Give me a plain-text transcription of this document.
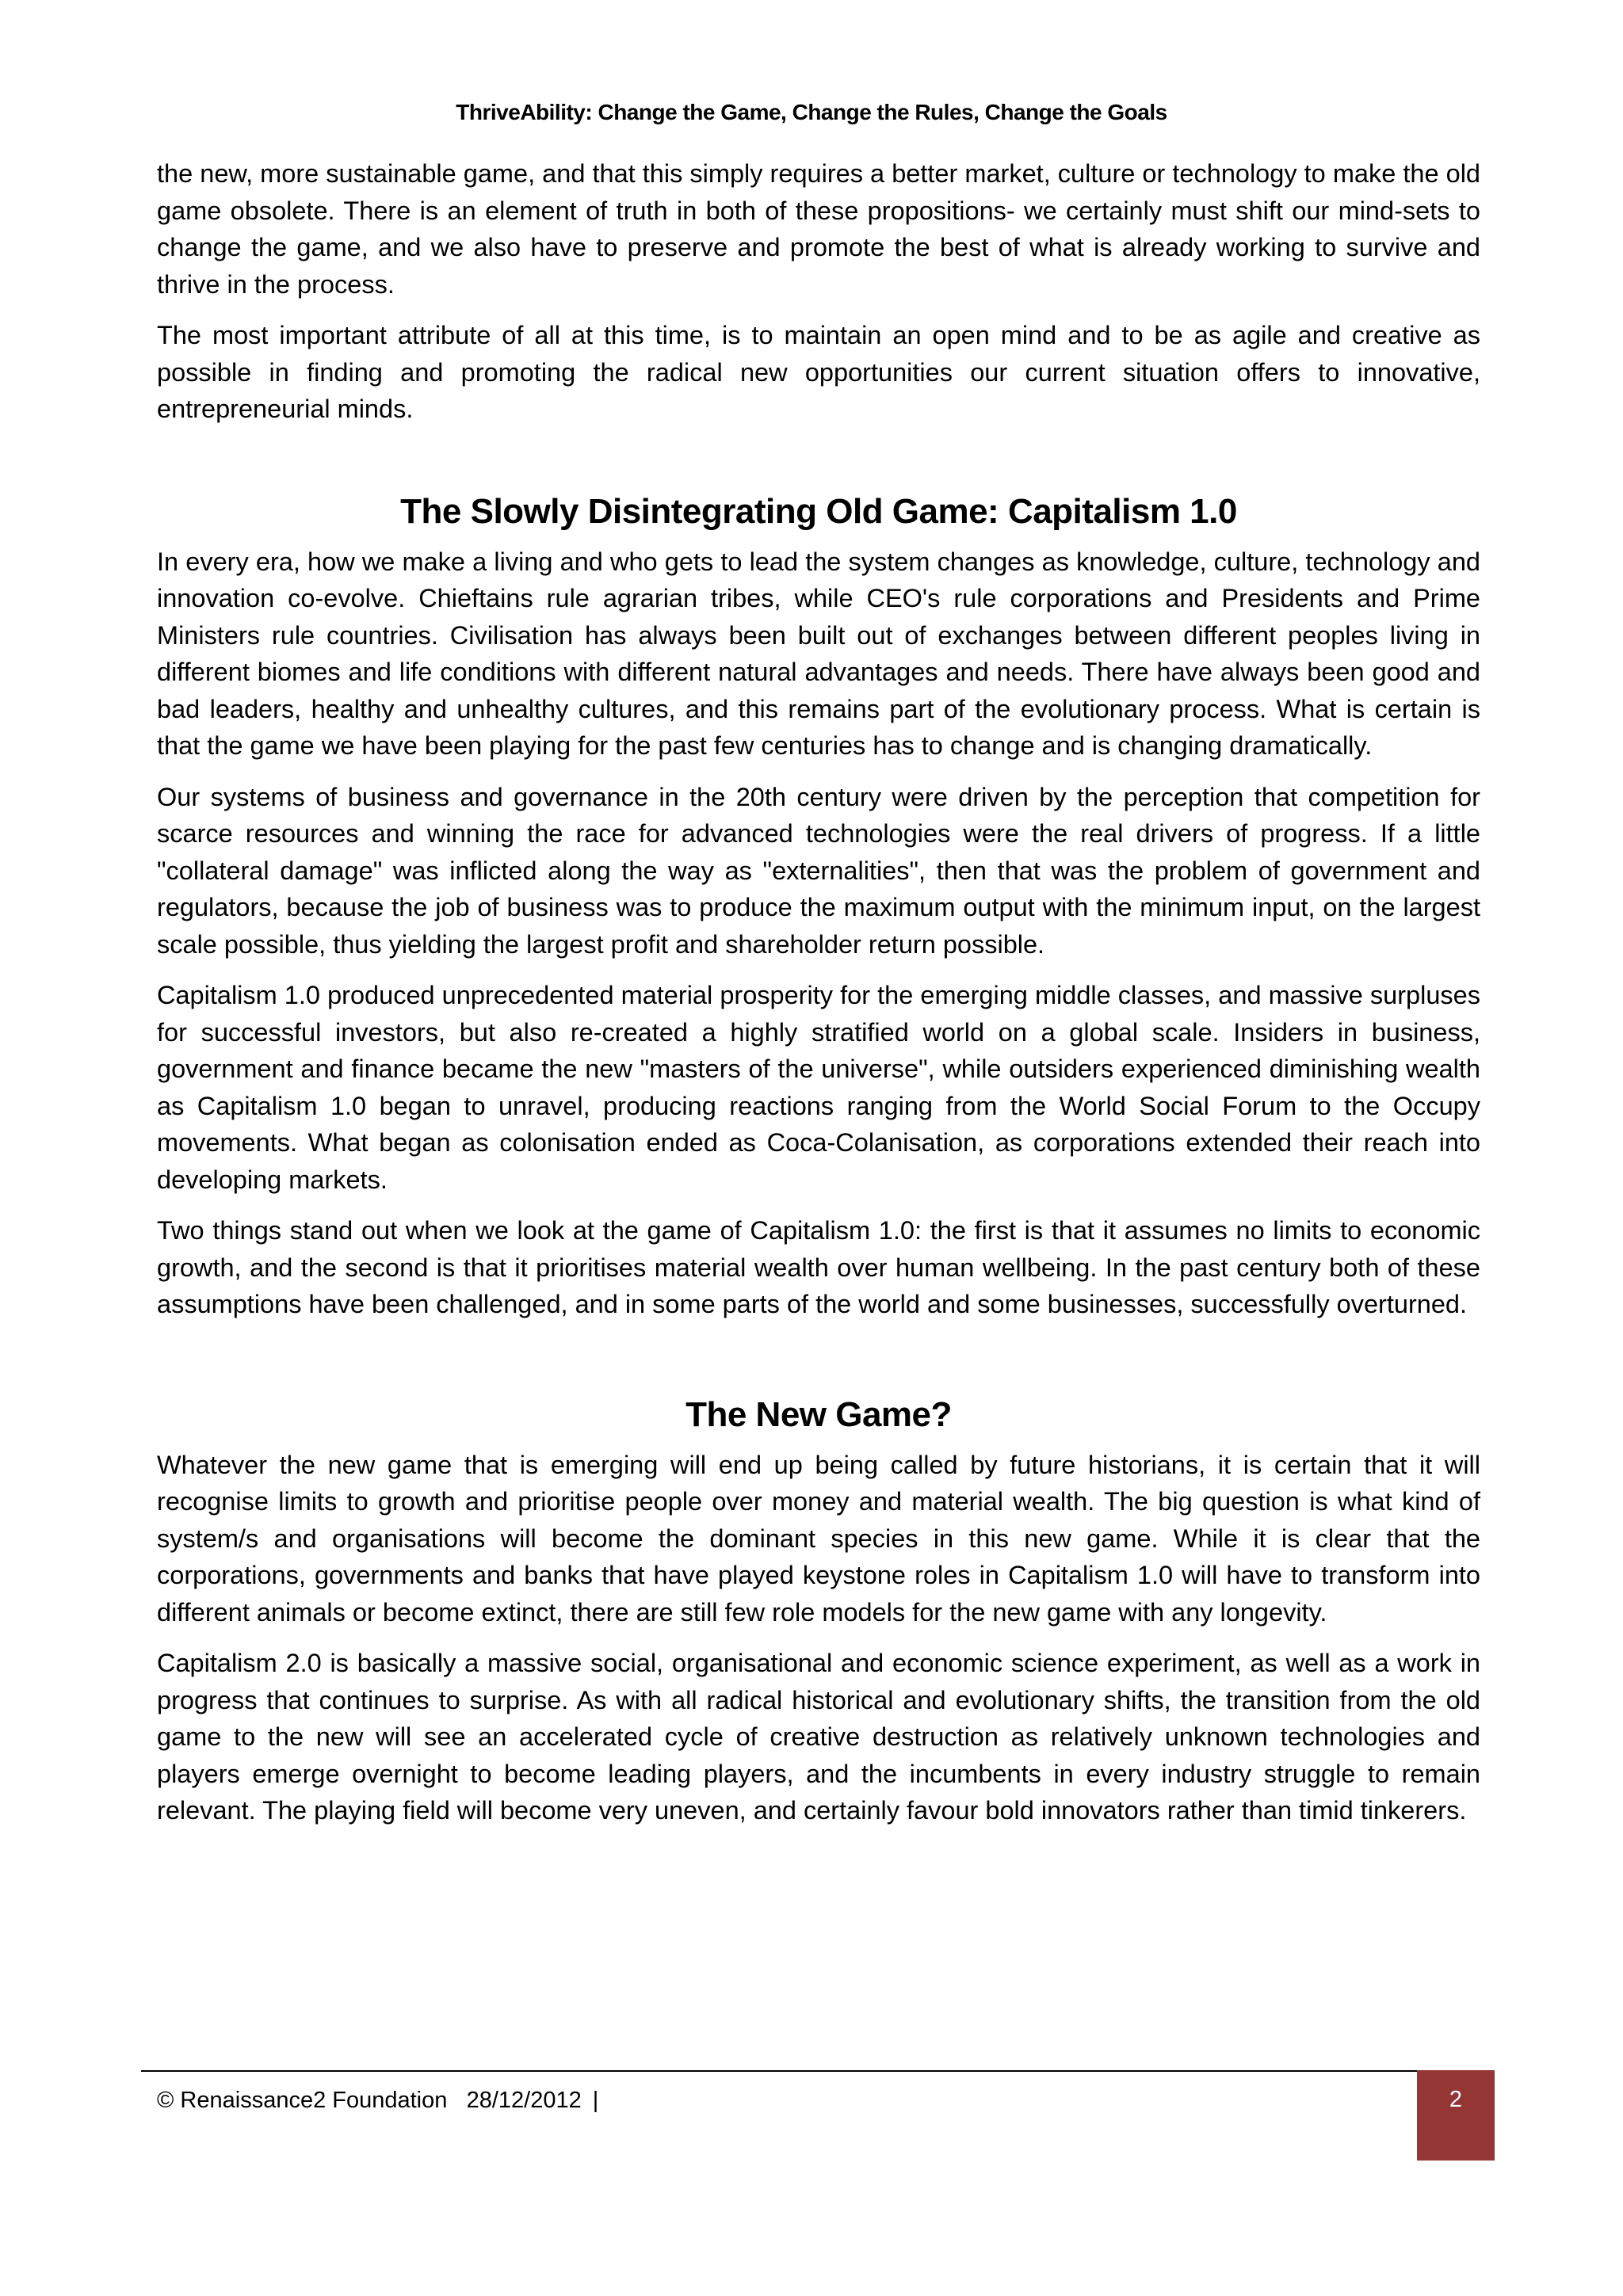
ThriveAbility: Change the Game, Change the Rules, Change the Goals

the new, more sustainable game, and that this simply requires a better market, culture or technology to make the old game obsolete. There is an element of truth in both of these propositions- we certainly must shift our mind-sets to change the game, and we also have to preserve and promote the best of what is already working to survive and thrive in the process.

The most important attribute of all at this time, is to maintain an open mind and to be as agile and creative as possible in finding and promoting the radical new opportunities our current situation offers to innovative, entrepreneurial minds.

The Slowly Disintegrating Old Game: Capitalism 1.0

In every era, how we make a living and who gets to lead the system changes as knowledge, culture, technology and innovation co-evolve. Chieftains rule agrarian tribes, while CEO's rule corporations and Presidents and Prime Ministers rule countries. Civilisation has always been built out of exchanges between different peoples living in different biomes and life conditions with different natural advantages and needs. There have always been good and bad leaders, healthy and unhealthy cultures, and this remains part of the evolutionary process. What is certain is that the game we have been playing for the past few centuries has to change and is changing dramatically.

Our systems of business and governance in the 20th century were driven by the perception that competition for scarce resources and winning the race for advanced technologies were the real drivers of progress. If a little "collateral damage" was inflicted along the way as "externalities", then that was the problem of government and regulators, because the job of business was to produce the maximum output with the minimum input, on the largest scale possible, thus yielding the largest profit and shareholder return possible.

Capitalism 1.0 produced unprecedented material prosperity for the emerging middle classes, and massive surpluses for successful investors, but also re-created a highly stratified world on a global scale. Insiders in business, government and finance became the new "masters of the universe", while outsiders experienced diminishing wealth as Capitalism 1.0 began to unravel, producing reactions ranging from the World Social Forum to the Occupy movements. What began as colonisation ended as Coca-Colanisation, as corporations extended their reach into developing markets.

Two things stand out when we look at the game of Capitalism 1.0: the first is that it assumes no limits to economic growth, and the second is that it prioritises material wealth over human wellbeing. In the past century both of these assumptions have been challenged, and in some parts of the world and some businesses, successfully overturned.

The New Game?

Whatever the new game that is emerging will end up being called by future historians, it is certain that it will recognise limits to growth and prioritise people over money and material wealth. The big question is what kind of system/s and organisations will become the dominant species in this new game. While it is clear that the corporations, governments and banks that have played keystone roles in Capitalism 1.0 will have to transform into different animals or become extinct, there are still few role models for the new game with any longevity.

Capitalism 2.0 is basically a massive social, organisational and economic science experiment, as well as a work in progress that continues to surprise. As with all radical historical and evolutionary shifts, the transition from the old game to the new will see an accelerated cycle of creative destruction as relatively unknown technologies and players emerge overnight to become leading players, and the incumbents in every industry struggle to remain relevant. The playing field will become very uneven, and certainly favour bold innovators rather than timid tinkerers.

© Renaissance2 Foundation 28/12/2012 |	2
